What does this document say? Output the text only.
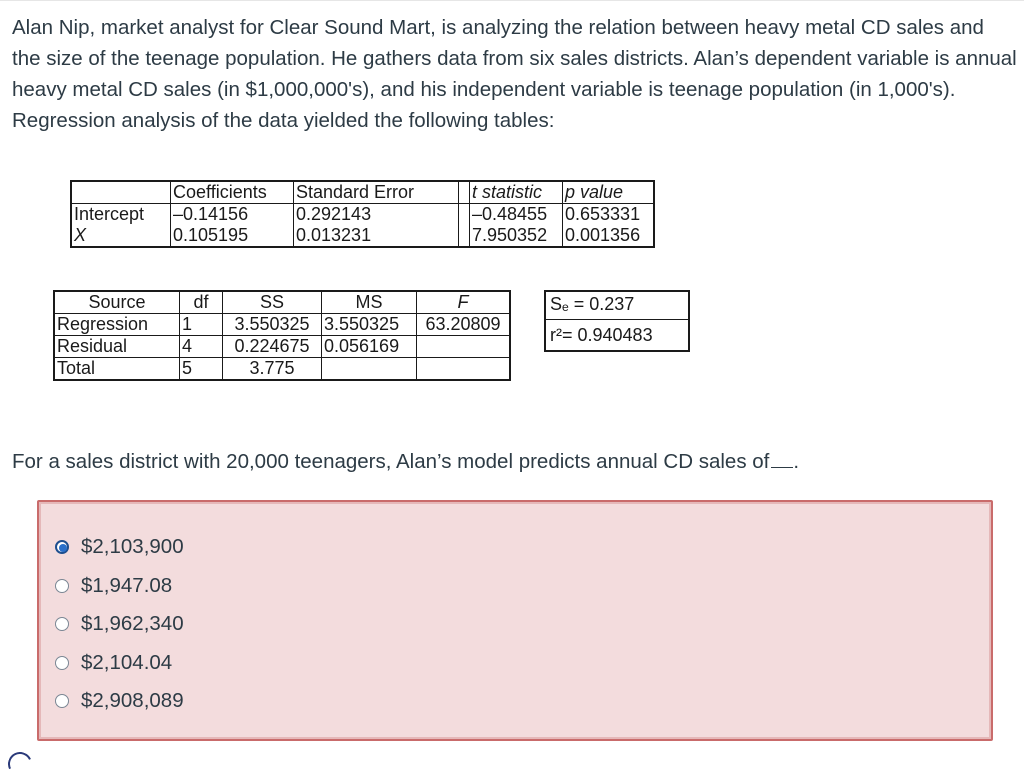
Alan Nip, market analyst for Clear Sound Mart, is analyzing the relation between heavy metal CD sales and the size of the teenage population. He gathers data from six sales districts. Alan’s dependent variable is annual heavy metal CD sales (in $1,000,000's), and his independent variable is teenage population (in 1,000's). Regression analysis of the data yielded the following tables:

	Coefficients	Standard Error		t statistic	p value
Intercept	–0.14156	0.292143		–0.48455	0.653331
X	0.105195	0.013231		7.950352	0.001356
Source	df	SS	MS	F
Regression	1	3.550325	3.550325	63.20809
Residual	4	0.224675	0.056169	
Total	5	3.775		
Sₑ = 0.237
r²= 0.940483
For a sales district with 20,000 teenagers, Alan’s model predicts annual CD sales of .
$2,103,900
$1,947.08
$1,962,340
$2,104.04
$2,908,089
